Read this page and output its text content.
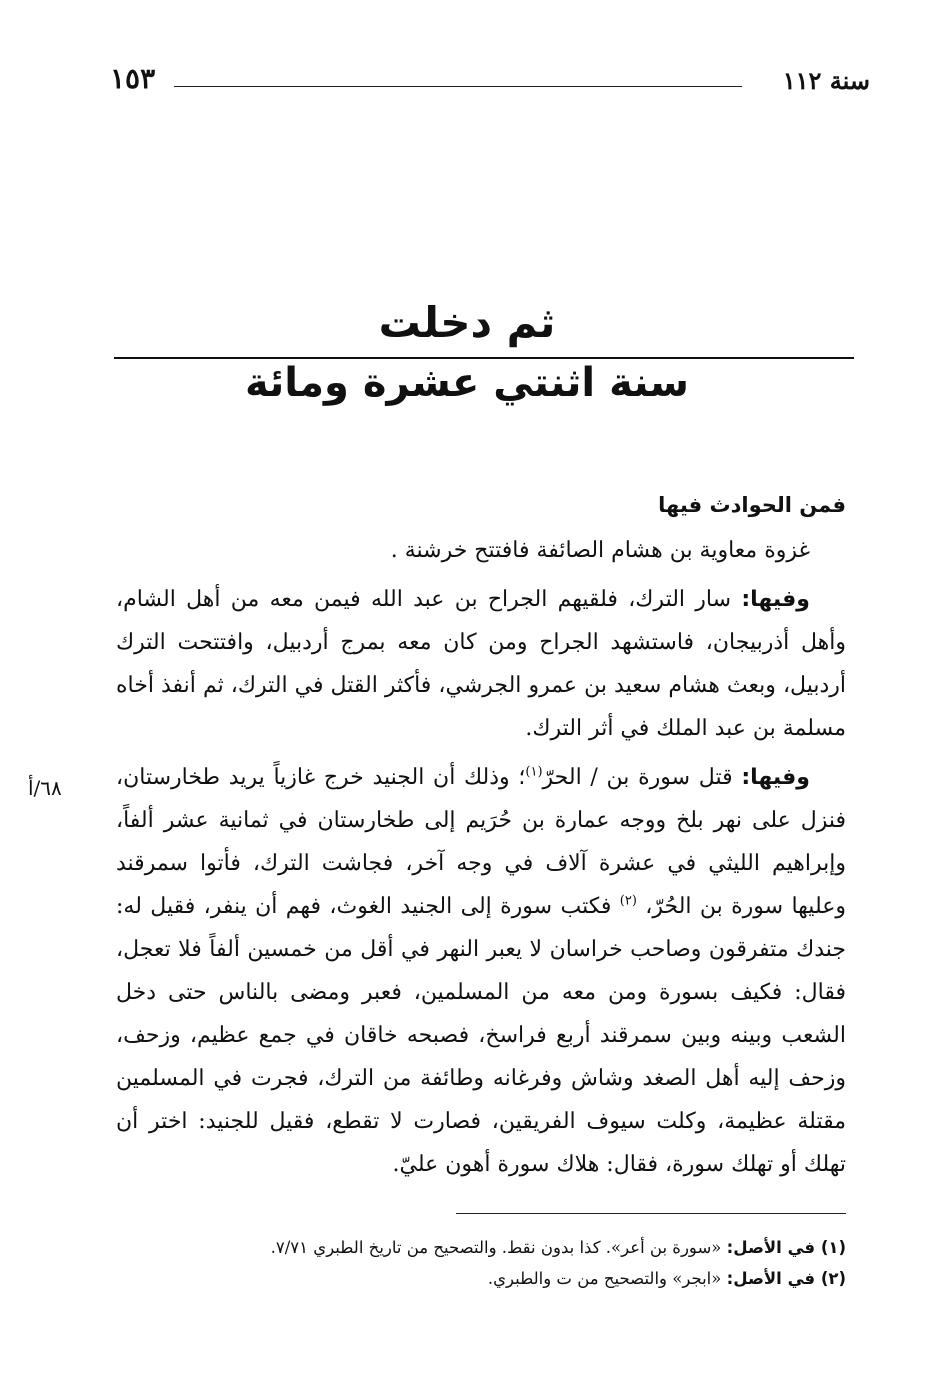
سنة ١١٢
١٥٣
ثم دخلت
سنة اثنتي عشرة ومائة

فمن الحوادث فيها

غزوة معاوية بن هشام الصائفة فافتتح خرشنة .

وفيها: سار الترك، فلقيهم الجراح بن عبد الله فيمن معه من أهل الشام، وأهل أذربيجان، فاستشهد الجراح ومن كان معه بمرج أردبيل، وافتتحت الترك أردبيل، وبعث هشام سعيد بن عمرو الجرشي، فأكثر القتل في الترك، ثم أنفذ أخاه مسلمة بن عبد الملك في أثر الترك.

وفيها: قتل سورة بن / الحرّ$^{(١)}$؛ وذلك أن الجنيد خرج غازياً يريد طخارستان، فنزل على نهر بلخ ووجه عمارة بن حُرَيم إلى طخارستان في ثمانية عشر ألفاً، وإبراهيم الليثي في عشرة آلاف في وجه آخر، فجاشت الترك، فأتوا سمرقند وعليها سورة بن الحُرّ، $^{(٢)}$ فكتب سورة إلى الجنيد الغوث، فهم أن ينفر، فقيل له: جندك متفرقون وصاحب خراسان لا يعبر النهر في أقل من خمسين ألفاً فلا تعجل، فقال: فكيف بسورة ومن معه من المسلمين، فعبر ومضى بالناس حتى دخل الشعب وبينه وبين سمرقند أربع فراسخ، فصبحه خاقان في جمع عظيم، وزحف، وزحف إليه أهل الصغد وشاش وفرغانه وطائفة من الترك، فجرت في المسلمين مقتلة عظيمة، وكلت سيوف الفريقين، فصارت لا تقطع، فقيل للجنيد: اختر أن تهلك أو تهلك سورة، فقال: هلاك سورة أهون عليّ.

٦٨/أ

(١) في الأصل: «سورة بن أعر». كذا بدون نقط. والتصحيح من تاريخ الطبري ٧/٧١.

(٢) في الأصل: «ابجر» والتصحيح من ت والطبري.
